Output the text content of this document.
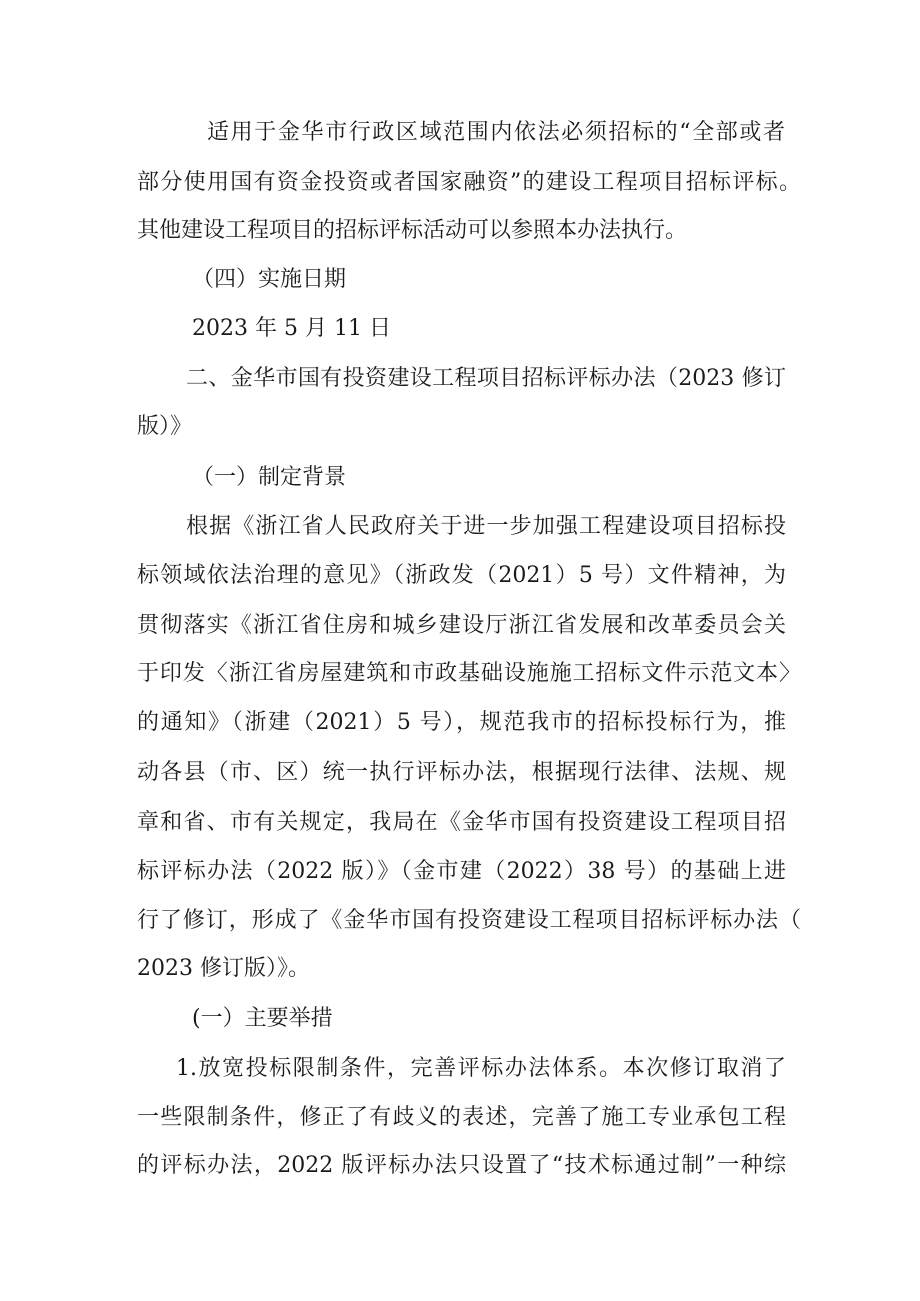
适用于金华市行政区域范围内依法必须招标的“全部或者
部分使用国有资金投资或者国家融资”的建设工程项目招标评标。
其他建设工程项目的招标评标活动可以参照本办法执行。
（四）实施日期
2023 年 5 月 11 日
二、金华市国有投资建设工程项目招标评标办法（2023 修订
版）》
（一）制定背景
根据《浙江省人民政府关于进一步加强工程建设项目招标投
标领域依法治理的意见》（浙政发（2021）5 号）文件精神，为
贯彻落实《浙江省住房和城乡建设厅浙江省发展和改革委员会关
于印发〈浙江省房屋建筑和市政基础设施施工招标文件示范文本〉
的通知》（浙建（2021）5 号），规范我市的招标投标行为，推
动各县（市、区）统一执行评标办法，根据现行法律、法规、规
章和省、市有关规定，我局在《金华市国有投资建设工程项目招
标评标办法（2022 版）》（金市建（2022）38 号）的基础上进
行了修订，形成了《金华市国有投资建设工程项目招标评标办法（
2023 修订版）》。
(一）主要举措
1.放宽投标限制条件，完善评标办法体系。本次修订取消了
一些限制条件，修正了有歧义的表述，完善了施工专业承包工程
的评标办法，2022 版评标办法只设置了“技术标通过制”一种综
